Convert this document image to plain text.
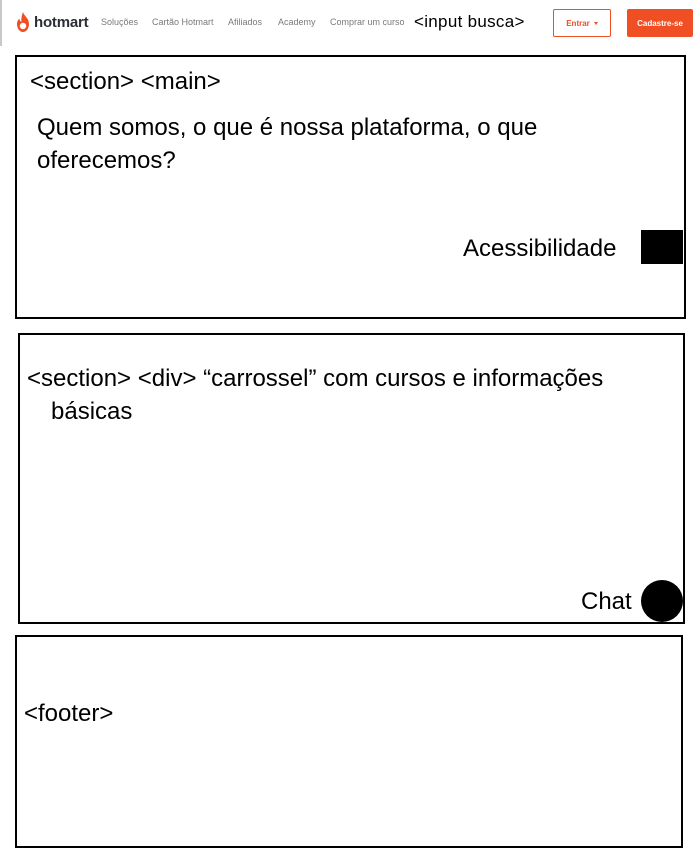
hotmart Soluções Cartão Hotmart Afiliados Academy Comprar um curso <input busca>	Entrar	Cadastre-se
<section> <main>
Quem somos, o que é nossa plataforma, o que oferecemos?
Acessibilidade
<section> <div> “carrossel” com cursos e informações
básicas
Chat
<footer>
